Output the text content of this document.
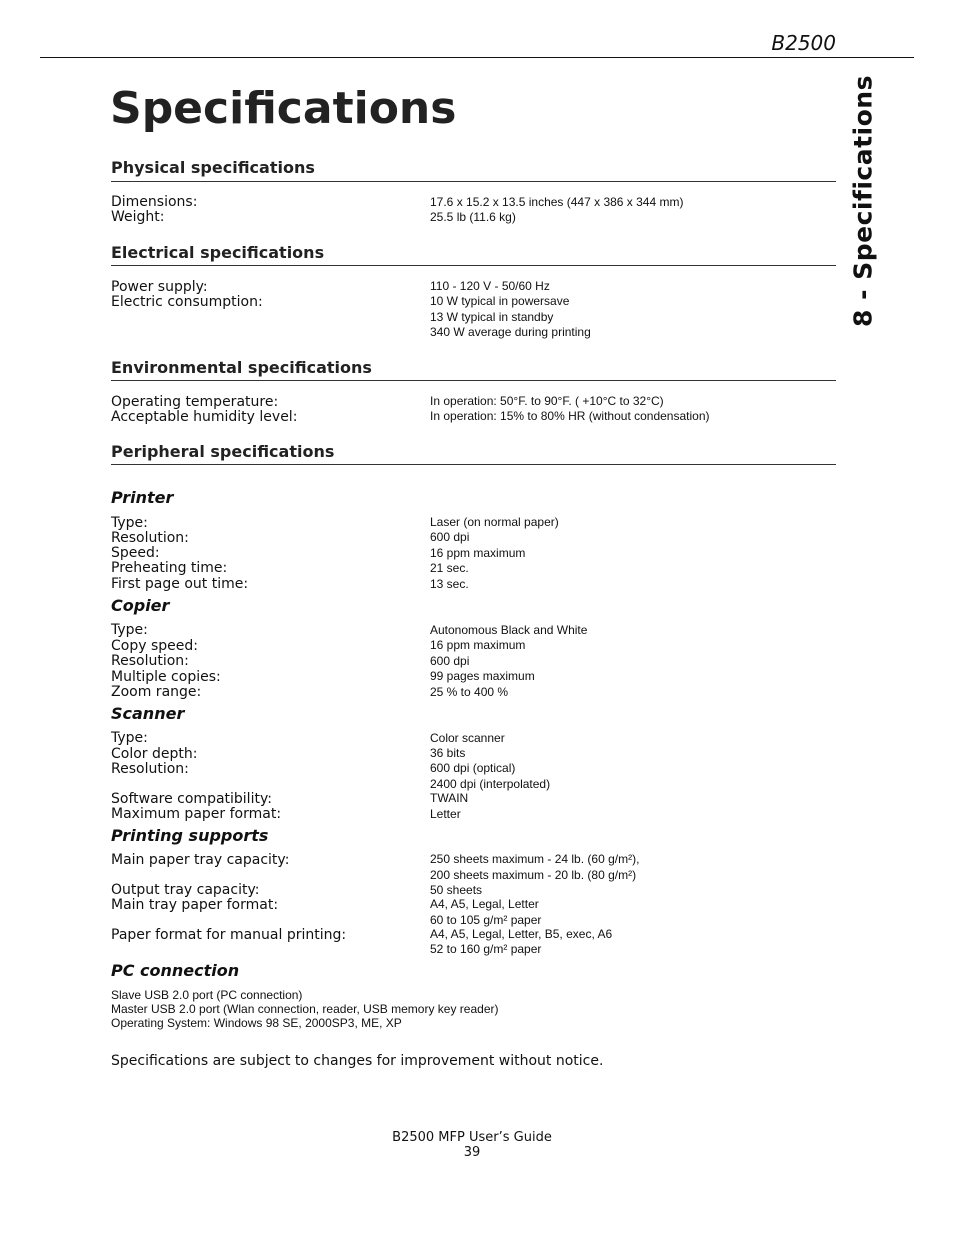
B2500
8 - Specifications
Specifications
Physical specifications
Dimensions:
Weight:
17.6 x 15.2 x 13.5 inches (447 x 386 x 344 mm)
25.5 lb (11.6 kg)
Electrical specifications
Power supply:
Electric consumption:
110 - 120 V - 50/60 Hz
10 W typical in powersave
13 W typical in standby
340 W average during printing
Environmental specifications
Operating temperature:
Acceptable humidity level:
In operation: 50°F. to 90°F. ( +10°C to 32°C)
In operation: 15% to 80% HR (without condensation)
Peripheral specifications
Printer
Type:
Resolution:
Speed:
Preheating time:
First page out time:
Laser (on normal paper)
600 dpi
16 ppm maximum
21 sec.
13 sec.
Copier
Type:
Copy speed:
Resolution:
Multiple copies:
Zoom range:
Autonomous Black and White
16 ppm maximum
600 dpi
99 pages maximum
25 % to 400 %
Scanner
Type:
Color depth:
Resolution:
Software compatibility:
Maximum paper format:
Color scanner
36 bits
600 dpi (optical)
2400 dpi (interpolated)
TWAIN
Letter
Printing supports
Main paper tray capacity:
Output tray capacity:
Main tray paper format:
Paper format for manual printing:
250 sheets maximum - 24 lb. (60 g/m²),
200 sheets maximum - 20 lb. (80 g/m²)
50 sheets
A4, A5, Legal, Letter
60 to 105 g/m² paper
A4, A5, Legal, Letter, B5, exec, A6
52 to 160 g/m² paper
PC connection
Slave USB 2.0 port (PC connection)
Master USB 2.0 port (Wlan connection, reader, USB memory key reader)
Operating System: Windows 98 SE, 2000SP3, ME, XP
Specifications are subject to changes for improvement without notice.
B2500 MFP User’s Guide
39
